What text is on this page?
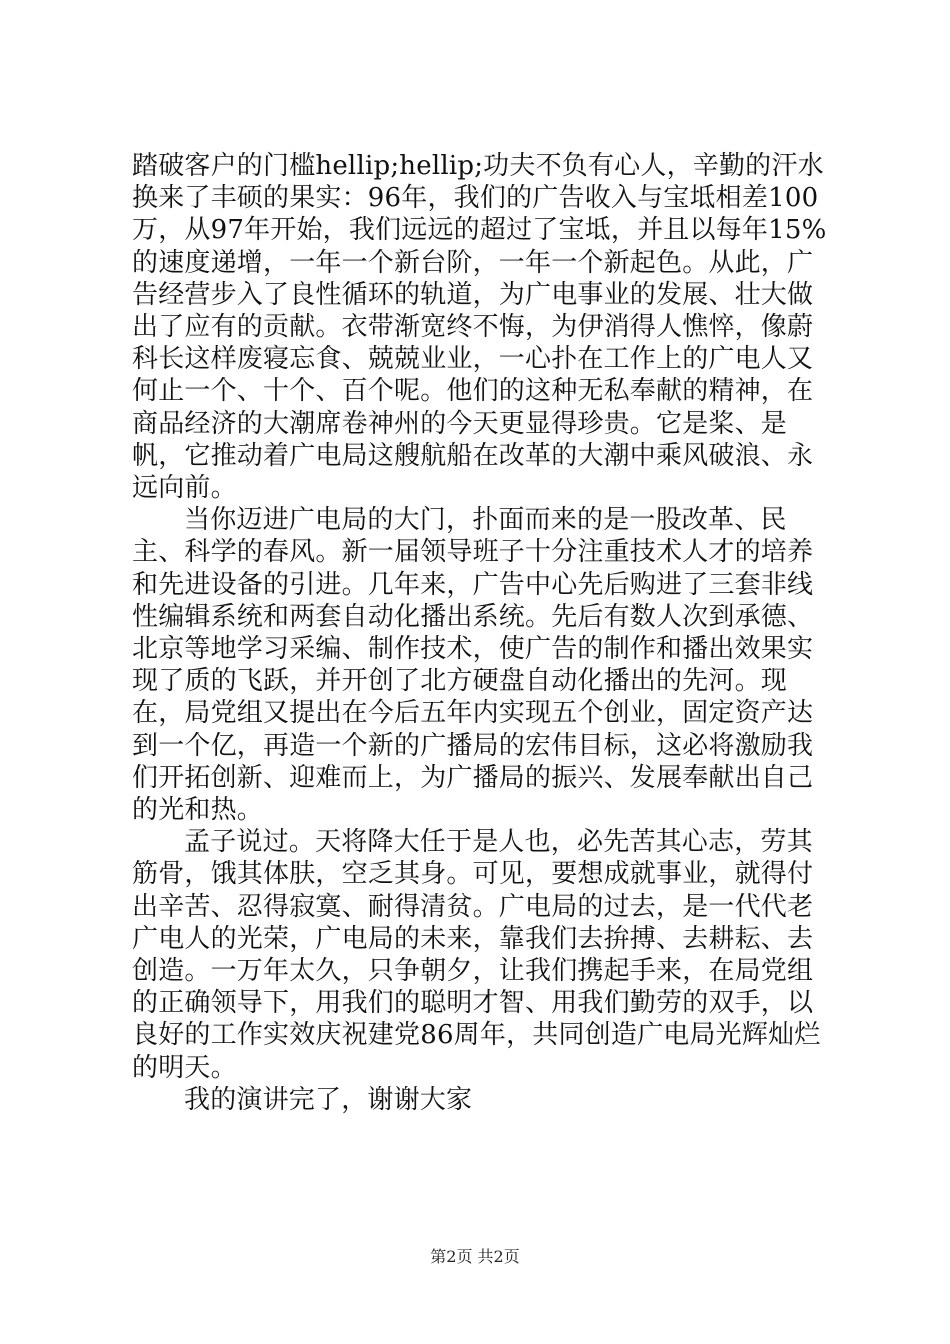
踏破客户的门槛hellip;hellip;功夫不负有心人，辛勤的汗水换来了丰硕的果实：96年，我们的广告收入与宝坻相差100万，从97年开始，我们远远的超过了宝坻，并且以每年15%的速度递增，一年一个新台阶，一年一个新起色。从此，广告经营步入了良性循环的轨道，为广电事业的发展、壮大做出了应有的贡献。衣带渐宽终不悔，为伊消得人憔悴，像蔚科长这样废寝忘食、兢兢业业，一心扑在工作上的广电人又何止一个、十个、百个呢。他们的这种无私奉献的精神，在商品经济的大潮席卷神州的今天更显得珍贵。它是桨、是帆，它推动着广电局这艘航船在改革的大潮中乘风破浪、永远向前。

当你迈进广电局的大门，扑面而来的是一股改革、民主、科学的春风。新一届领导班子十分注重技术人才的培养和先进设备的引进。几年来，广告中心先后购进了三套非线性编辑系统和两套自动化播出系统。先后有数人次到承德、北京等地学习采编、制作技术，使广告的制作和播出效果实现了质的飞跃，并开创了北方硬盘自动化播出的先河。现在，局党组又提出在今后五年内实现五个创业，固定资产达到一个亿，再造一个新的广播局的宏伟目标，这必将激励我们开拓创新、迎难而上，为广播局的振兴、发展奉献出自己的光和热。

孟子说过。天将降大任于是人也，必先苦其心志，劳其筋骨，饿其体肤，空乏其身。可见，要想成就事业，就得付出辛苦、忍得寂寞、耐得清贫。广电局的过去，是一代代老广电人的光荣，广电局的未来，靠我们去拚搏、去耕耘、去创造。一万年太久，只争朝夕，让我们携起手来，在局党组的正确领导下，用我们的聪明才智、用我们勤劳的双手，以良好的工作实效庆祝建党86周年，共同创造广电局光辉灿烂的明天。

我的演讲完了，谢谢大家

第2页 共2页
